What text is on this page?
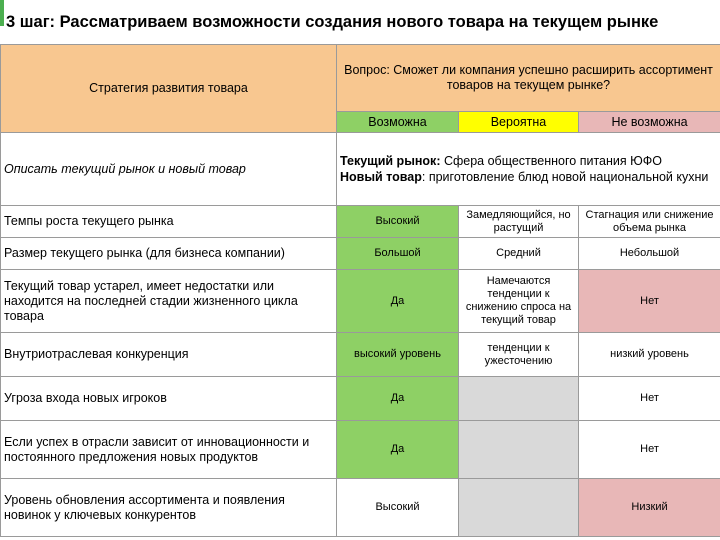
3 шаг: Рассматриваем возможности создания нового товара на текущем рынке
Стратегия развития товара	Вопрос: Сможет ли компания успешно расширить ассортимент товаров на текущем рынке?		
	Возможна	Вероятна	Не возможна
Описать текущий рынок и новый товар	Текущий рынок: Сфера общественного питания ЮФО
Новый товар: приготовление блюд новой национальной кухни		
Темпы роста текущего рынка	Высокий	Замедляющийся, но растущий	Стагнация или снижение объема рынка
Размер текущего рынка (для бизнеса компании)	Большой	Средний	Небольшой
Текущий товар устарел, имеет недостатки или находится на последней стадии жизненного цикла товара	Да	Намечаются тенденции к снижению спроса на текущий товар	Нет
Внутриотраслевая конкуренция	высокий уровень	тенденции к ужесточению	низкий уровень
Угроза входа новых игроков	Да		Нет
Если успех в отрасли зависит от инновационности и постоянного предложения новых продуктов	Да		Нет
Уровень обновления ассортимента и появления новинок у ключевых конкурентов	Высокий		Низкий
